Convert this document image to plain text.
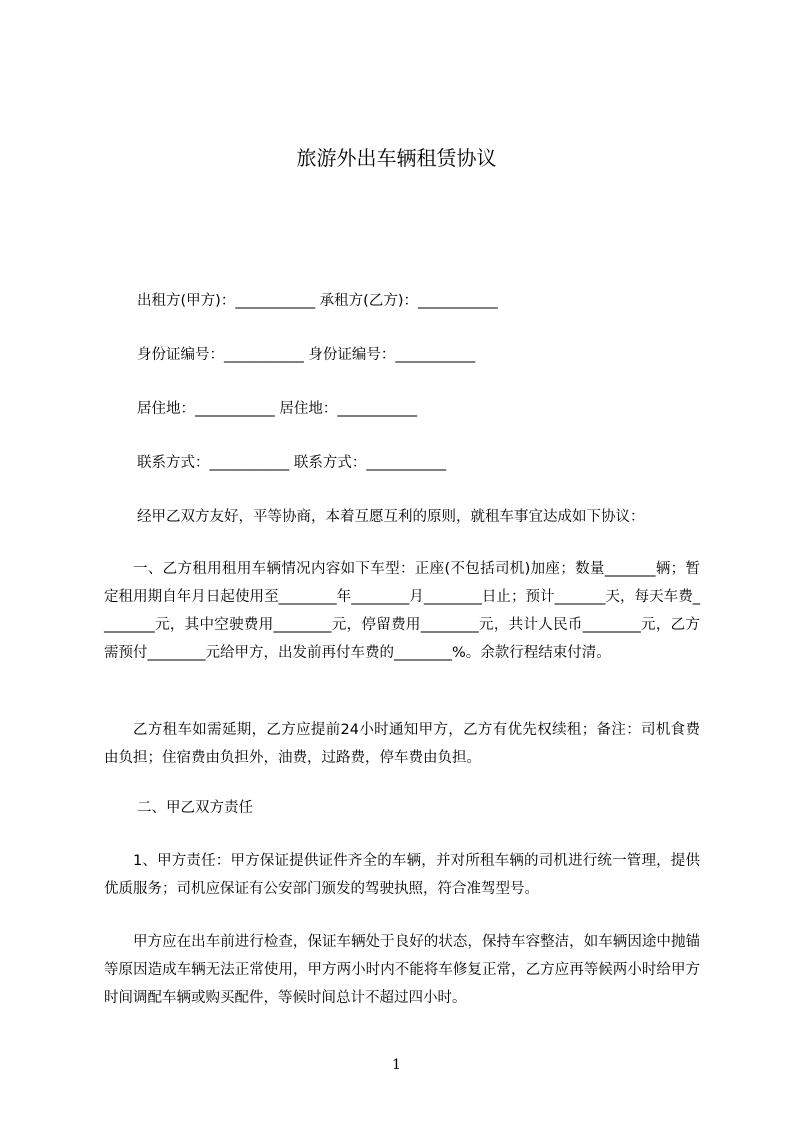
旅游外出车辆租赁协议

出租方(甲方)：___________ 承租方(乙方)：___________

身份证编号：___________ 身份证编号：___________

居住地：___________ 居住地：___________

联系方式：___________ 联系方式：___________

经甲乙双方友好，平等协商，本着互愿互利的原则，就租车事宜达成如下协议：

一、乙方租用租用车辆情况内容如下车型：正座(不包括司机)加座；数量_______辆；暂定租用期自年月日起使用至________年________月________日止；预计_______天，每天车费________元，其中空驶费用________元，停留费用________元，共计人民币________元，乙方需预付________元给甲方，出发前再付车费的________%。余款行程结束付清。

乙方租车如需延期，乙方应提前24小时通知甲方，乙方有优先权续租；备注：司机食费由负担；住宿费由负担外，油费，过路费，停车费由负担。

二、甲乙双方责任

1、甲方责任：甲方保证提供证件齐全的车辆，并对所租车辆的司机进行统一管理，提供优质服务；司机应保证有公安部门颁发的驾驶执照，符合准驾型号。

甲方应在出车前进行检查，保证车辆处于良好的状态，保持车容整洁，如车辆因途中抛锚等原因造成车辆无法正常使用，甲方两小时内不能将车修复正常，乙方应再等候两小时给甲方时间调配车辆或购买配件，等候时间总计不超过四小时。

1
